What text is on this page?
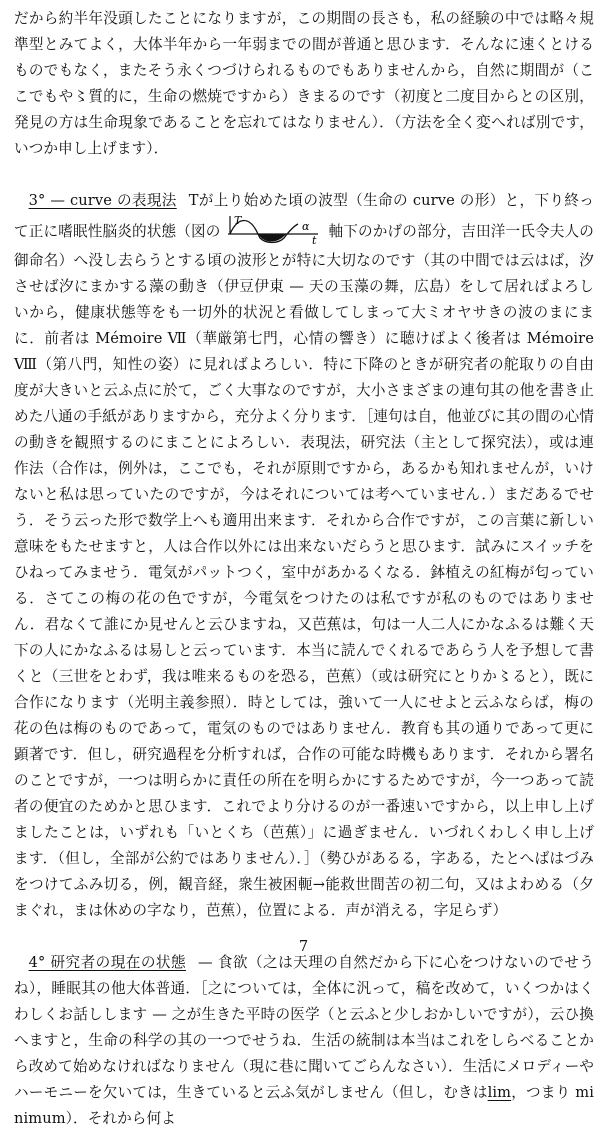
だから約半年没頭したことになりますが，この期間の長さも，私の経験の中では略々規準型とみてよく，大体半年から一年弱までの間が普通と思ひます．そんなに速くとけるものでもなく，またそう永くつづけられるものでもありませんから，自然に期間が（ここでもや〻質的に，生命の燃焼ですから）きまるのです（初度と二度目からとの区別，発見の方は生命現象であることを忘れてはなりません）．（方法を全く変へれば別です，いつか申し上げます）．

3° — curve の表現法 Tが上り始めた頃の波型（生命の curve の形）と，下り終って正に嗜眠性脳炎的状態（図の
T	α
t
軸下のかげの部分，吉田洋一氏令夫人の御命名）へ没し去らうとする頃の波形とが特に大切なのです（其の中間では云はば，汐させば汐にまかする藻の動き（伊豆伊東 — 天の玉藻の舞，広島）をして居ればよろしいから，健康状態等をも一切外的状況と看做してしまって大ミオヤサきの波のまにまに．前者は Mémoire Ⅶ（華厳第七門，心情の響き）に聴けばよく後者は Mémoire Ⅷ（第八門，知性の姿）に見ればよろしい．特に下降のときが研究者の舵取りの自由度が大きいと云ふ点に於て，ごく大事なのですが，大小さまざまの連句其の他を書き止めた八通の手紙がありますから，充分よく分ります．［連句は自，他並びに其の間の心情の動きを観照するのにまことによろしい．表現法，研究法（主として探究法），或は連作法（合作は，例外は，ここでも，それが原則ですから，あるかも知れませんが，いけないと私は思っていたのですが，今はそれについては考へていません．）まだあるでせう．そう云った形で数学上へも適用出来ます．それから合作ですが，この言葉に新しい意味をもたせますと，人は合作以外には出来ないだらうと思ひます．試みにスイッチをひねってみませう．電気がパットつく，室中があかるくなる．鉢植えの紅梅が匂っている．さてこの梅の花の色ですが，今電気をつけたのは私ですが私のものではありません．君なくて誰にか見せんと云ひますね，又芭蕉は，句は一人二人にかなふるは難く天下の人にかなふるは易しと云っています．本当に読んでくれるであらう人を予想して書くと（三世をとわず，我は唯来るものを恐る，芭蕉）（或は研究にとりか〻ると），既に合作になります（光明主義参照）．時としては，強いて一人にせよと云ふならば，梅の花の色は梅のものであって，電気のものではありません．教育も其の通りであって更に顕著です．但し，研究過程を分析すれば，合作の可能な時機もあります．それから署名のことですが，一つは明らかに責任の所在を明らかにするためですが，今一つあって読者の便宜のためかと思ひます．これでより分けるのが一番速いですから，以上申し上げましたことは，いずれも「いとくち（芭蕉）」に過ぎません．いづれくわしく申し上げます．（但し，全部が公約ではありません）．］（勢ひがあるる，字ある，たとへばはづみをつけてふみ切る，例，観音経，衆生被困軛→能救世間苦の初二句，又はよわめる（夕まぐれ，まは休めの字なり，芭蕉），位置による．声が消える，字足らず）

4° 研究者の現在の状態 — 食欲（之は天理の自然だから下に心をつけないのでせうね），睡眠其の他大体普通．［之については，全体に汎って，稿を改めて，いくつかはくわしくお話しします — 之が生きた平時の医学（と云ふと少しおかしいですが），云ひ換へますと，生命の科学の其の一つでせうね．生活の統制は本当はこれをしらべることから改めて始めなければなりません（現に巷に聞いてごらんなさい）．生活にメロディーやハーモニーを欠いては，生きていると云ふ気がしません（但し，むきはlim，つまり minimum）．それから何よ

7
